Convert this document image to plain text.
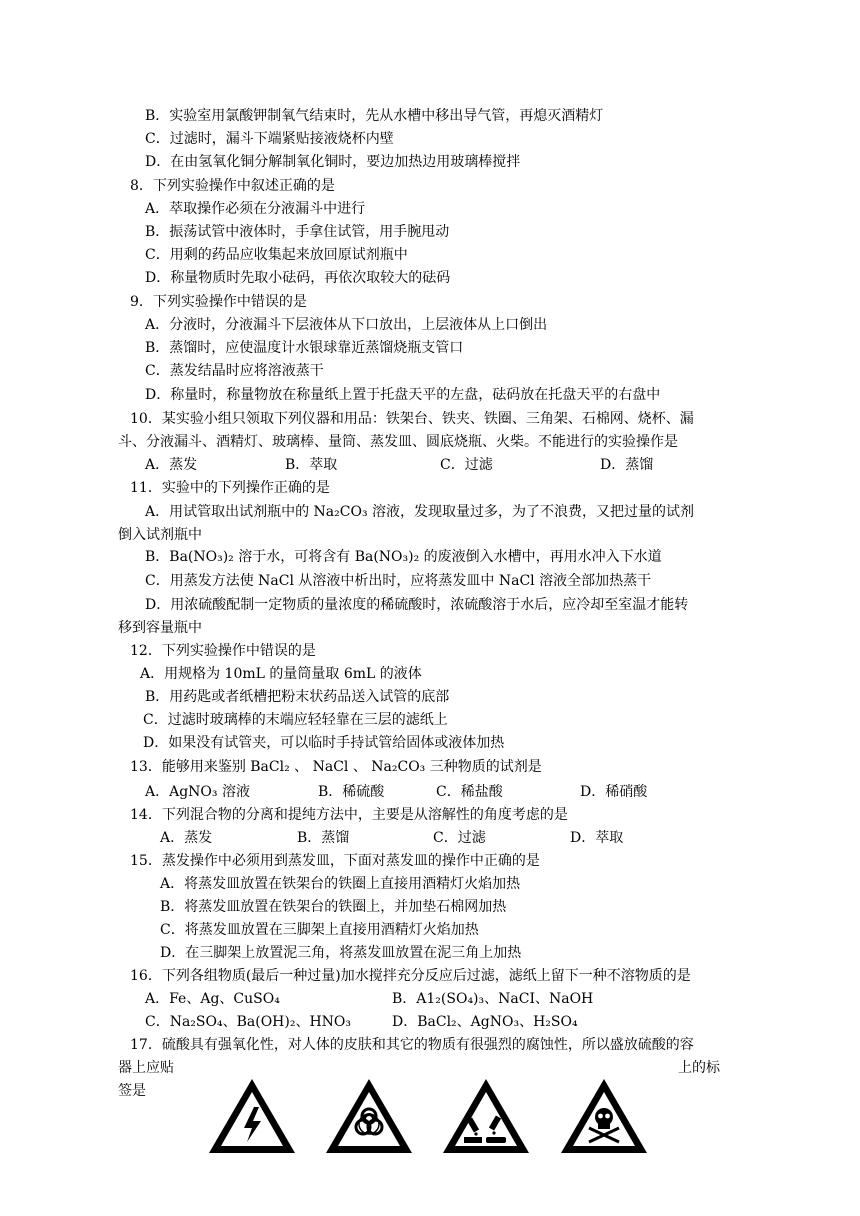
B．实验室用氯酸钾制氧气结束时，先从水槽中移出导气管，再熄灭酒精灯
C．过滤时，漏斗下端紧贴接液烧杯内壁
D．在由氢氧化铜分解制氧化铜时，要边加热边用玻璃棒搅拌
8．下列实验操作中叙述正确的是
A．萃取操作必须在分液漏斗中进行
B．振荡试管中液体时，手拿住试管，用手腕甩动
C．用剩的药品应收集起来放回原试剂瓶中
D．称量物质时先取小砝码，再依次取较大的砝码
9．下列实验操作中错误的是
A．分液时，分液漏斗下层液体从下口放出，上层液体从上口倒出
B．蒸馏时，应使温度计水银球靠近蒸馏烧瓶支管口
C．蒸发结晶时应将溶液蒸干
D．称量时，称量物放在称量纸上置于托盘天平的左盘，砝码放在托盘天平的右盘中
10．某实验小组只领取下列仪器和用品：铁架台、铁夹、铁圈、三角架、石棉网、烧杯、漏
斗、分液漏斗、酒精灯、玻璃棒、量筒、蒸发皿、圆底烧瓶、火柴。不能进行的实验操作是
A．蒸发	B．萃取	C．过滤	D．蒸馏
11．实验中的下列操作正确的是
A．用试管取出试剂瓶中的 Na₂CO₃ 溶液，发现取量过多，为了不浪费，又把过量的试剂
倒入试剂瓶中
B．Ba(NO₃)₂ 溶于水，可将含有 Ba(NO₃)₂ 的废液倒入水槽中，再用水冲入下水道
C．用蒸发方法使 NaCl 从溶液中析出时，应将蒸发皿中 NaCl 溶液全部加热蒸干
D．用浓硫酸配制一定物质的量浓度的稀硫酸时，浓硫酸溶于水后，应冷却至室温才能转
移到容量瓶中
12．下列实验操作中错误的是
A．用规格为 10mL 的量筒量取 6mL 的液体
B．用药匙或者纸槽把粉末状药品送入试管的底部
C．过滤时玻璃棒的末端应轻轻靠在三层的滤纸上
D．如果没有试管夹，可以临时手持试管给固体或液体加热
13．能够用来鉴别 BaCl₂ 、 NaCl 、 Na₂CO₃ 三种物质的试剂是
A．AgNO₃ 溶液	B．稀硫酸	C．稀盐酸	D．稀硝酸
14．下列混合物的分离和提纯方法中，主要是从溶解性的角度考虑的是
A．蒸发	B．蒸馏	C．过滤	D．萃取
15．蒸发操作中必须用到蒸发皿，下面对蒸发皿的操作中正确的是
A．将蒸发皿放置在铁架台的铁圈上直接用酒精灯火焰加热
B．将蒸发皿放置在铁架台的铁圈上，并加垫石棉网加热
C．将蒸发皿放置在三脚架上直接用酒精灯火焰加热
D．在三脚架上放置泥三角，将蒸发皿放置在泥三角上加热
16．下列各组物质(最后一种过量)加水搅拌充分反应后过滤，滤纸上留下一种不溶物质的是
A．Fe、Ag、CuSO₄	B．A1₂(SO₄)₃、NaCI、NaOH
C．Na₂SO₄、Ba(OH)₂、HNO₃	D．BaCl₂、AgNO₃、H₂SO₄
17．硫酸具有强氧化性，对人体的皮肤和其它的物质有很强烈的腐蚀性，所以盛放硫酸的容
器上应贴	上的标
签是
